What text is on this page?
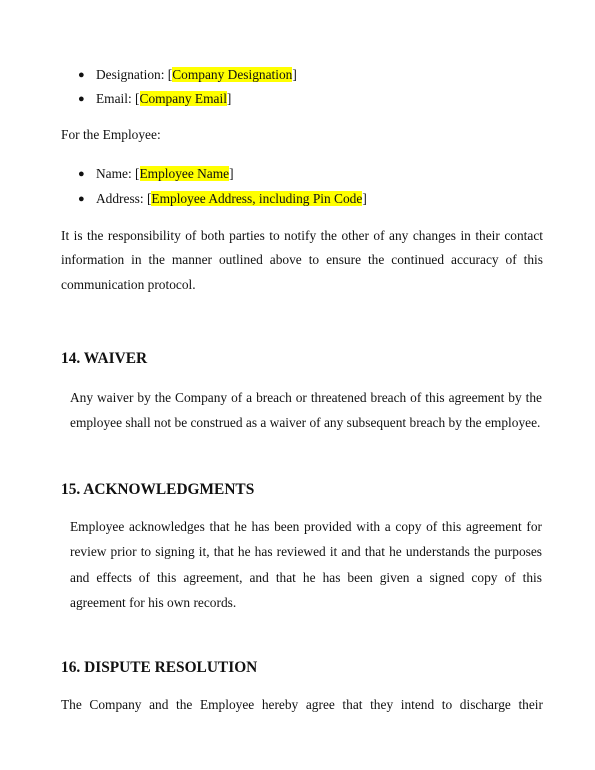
● Designation: [Company Designation]
● Email: [Company Email]

For the Employee:

● Name: [Employee Name]
● Address: [Employee Address, including Pin Code]

It is the responsibility of both parties to notify the other of any changes in their contact information in the manner outlined above to ensure the continued accuracy of this communication protocol.

14. WAIVER

Any waiver by the Company of a breach or threatened breach of this agreement by the employee shall not be construed as a waiver of any subsequent breach by the employee.

15. ACKNOWLEDGMENTS

Employee acknowledges that he has been provided with a copy of this agreement for review prior to signing it, that he has reviewed it and that he understands the purposes and effects of this agreement, and that he has been given a signed copy of this agreement for his own records.

16. DISPUTE RESOLUTION

The Company and the Employee hereby agree that they intend to discharge their
